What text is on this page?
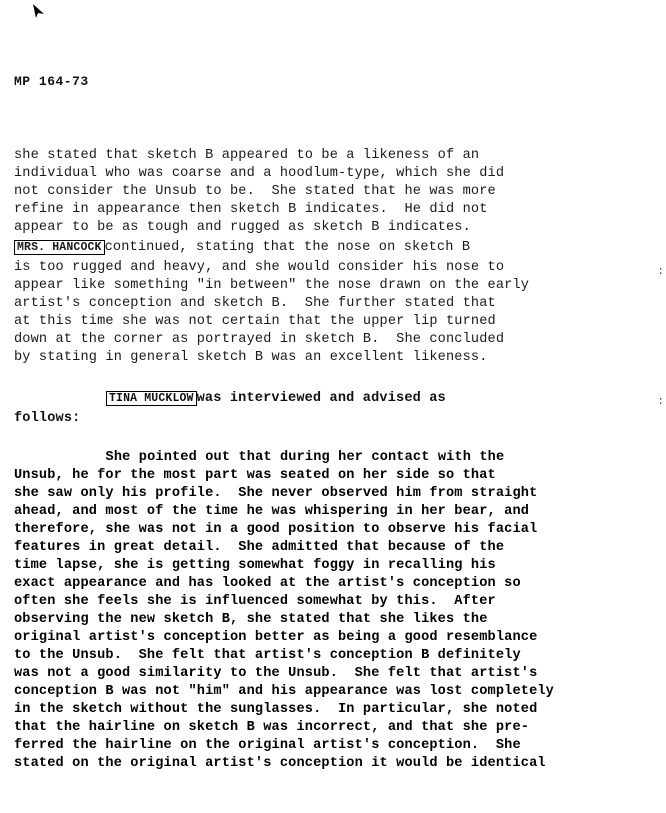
MP 164-73
she stated that sketch B appeared to be a likeness of an
individual who was coarse and a hoodlum-type, which she did
not consider the Unsub to be.  She stated that he was more
refine in appearance then sketch B indicates.  He did not
appear to be as tough and rugged as sketch B indicates.
MRS. HANCOCK continued, stating that the nose on sketch B
is too rugged and heavy, and she would consider his nose to
appear like something "in between" the nose drawn on the early
artist's conception and sketch B.  She further stated that
at this time she was not certain that the upper lip turned
down at the corner as portrayed in sketch B.  She concluded
by stating in general sketch B was an excellent likeness.
TINA MUCKLOW was interviewed and advised as
follows:
She pointed out that during her contact with the
Unsub, he for the most part was seated on her side so that
she saw only his profile.  She never observed him from straight
ahead, and most of the time he was whispering in her bear, and
therefore, she was not in a good position to observe his facial
features in great detail.  She admitted that because of the
time lapse, she is getting somewhat foggy in recalling his
exact appearance and has looked at the artist's conception so
often she feels she is influenced somewhat by this.  After
observing the new sketch B, she stated that she likes the
original artist's conception better as being a good resemblance
to the Unsub.  She felt that artist's conception B definitely
was not a good similarity to the Unsub.  She felt that artist's
conception B was not "him" and his appearance was lost completely
in the sketch without the sunglasses.  In particular, she noted
that the hairline on sketch B was incorrect, and that she pre-
ferred the hairline on the original artist's conception.  She
stated on the original artist's conception it would be identical
:
:
